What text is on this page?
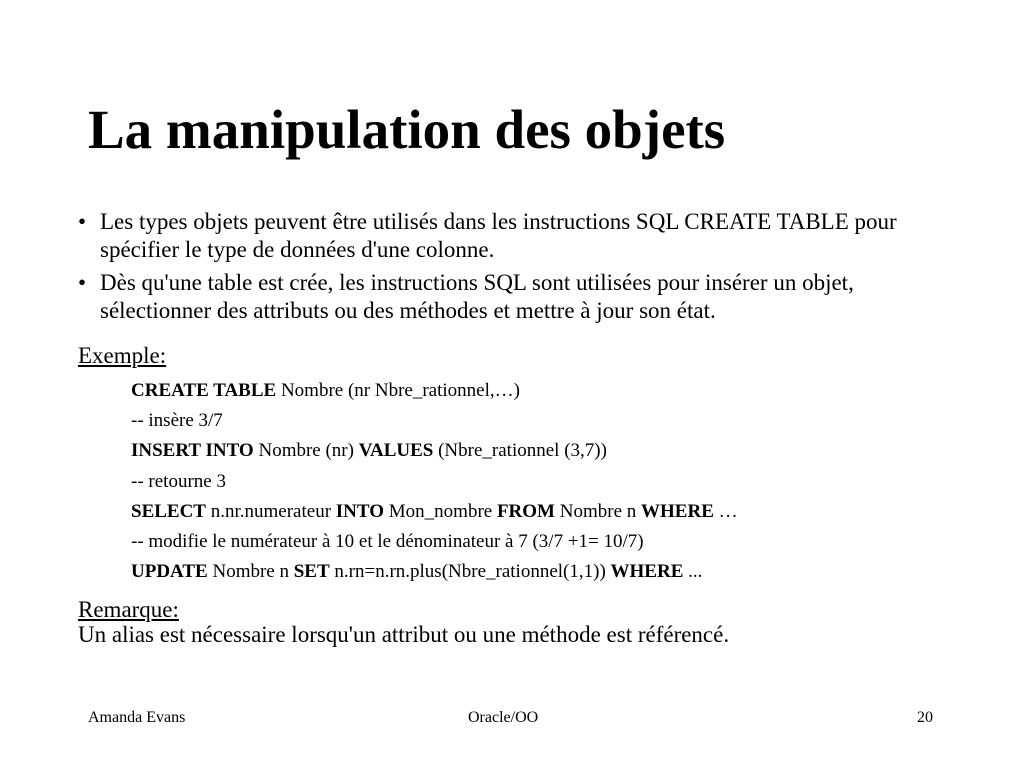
La manipulation des objets
• Les types objets peuvent être utilisés dans les instructions SQL CREATE TABLE pour spécifier le type de données d'une colonne.
• Dès qu'une table est crée, les instructions SQL sont utilisées pour insérer un objet, sélectionner des attributs ou des méthodes et mettre à jour son état.
Exemple:
CREATE TABLE Nombre (nr Nbre_rationnel,…)
-- insère 3/7
INSERT INTO Nombre (nr) VALUES (Nbre_rationnel (3,7))
-- retourne 3
SELECT n.nr.numerateur INTO Mon_nombre FROM Nombre n WHERE …
-- modifie le numérateur à 10 et le dénominateur à 7 (3/7 +1= 10/7)
UPDATE Nombre n SET n.rn=n.rn.plus(Nbre_rationnel(1,1)) WHERE ...
Remarque:
Un alias est nécessaire lorsqu'un attribut ou une méthode est référencé.
Amanda Evans	Oracle/OO	20
